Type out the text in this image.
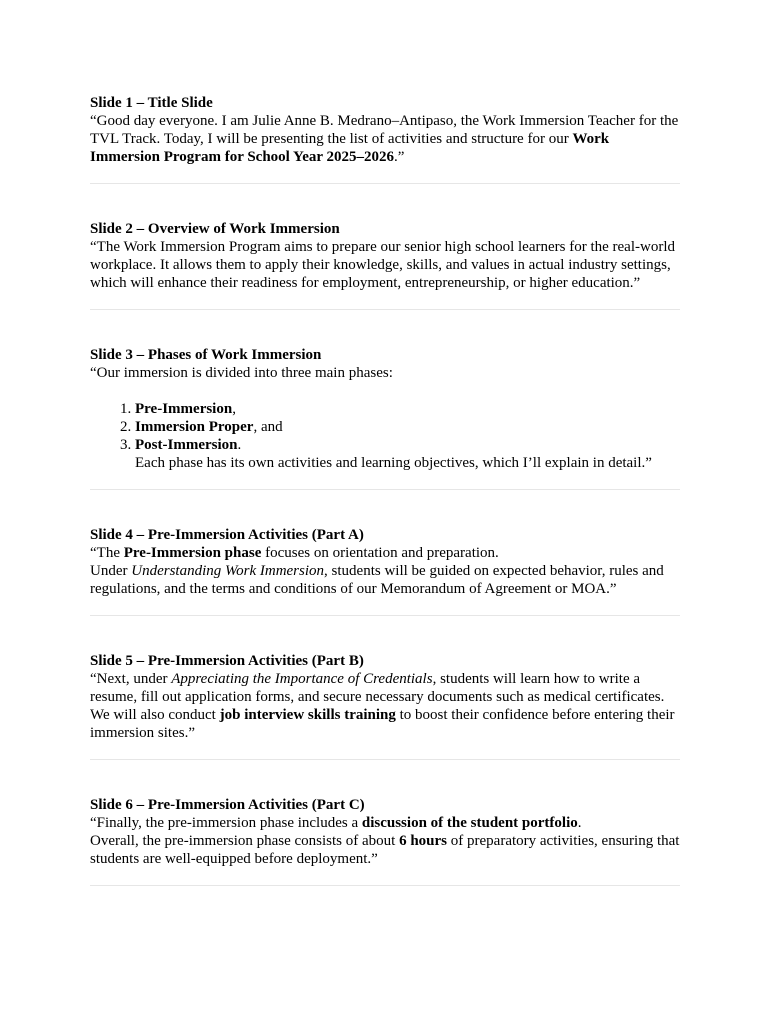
Slide 1 – Title Slide

“Good day everyone. I am Julie Anne B. Medrano–Antipaso, the Work Immersion Teacher for the TVL Track. Today, I will be presenting the list of activities and structure for our Work Immersion Program for School Year 2025–2026.”

Slide 2 – Overview of Work Immersion

“The Work Immersion Program aims to prepare our senior high school learners for the real-world workplace. It allows them to apply their knowledge, skills, and values in actual industry settings, which will enhance their readiness for employment, entrepreneurship, or higher education.”

Slide 3 – Phases of Work Immersion

“Our immersion is divided into three main phases:

1. Pre-Immersion,
2. Immersion Proper, and
3. Post-Immersion.

Each phase has its own activities and learning objectives, which I’ll explain in detail.”

Slide 4 – Pre-Immersion Activities (Part A)

“The Pre-Immersion phase focuses on orientation and preparation.

Under Understanding Work Immersion, students will be guided on expected behavior, rules and regulations, and the terms and conditions of our Memorandum of Agreement or MOA.”

Slide 5 – Pre-Immersion Activities (Part B)

“Next, under Appreciating the Importance of Credentials, students will learn how to write a resume, fill out application forms, and secure necessary documents such as medical certificates. We will also conduct job interview skills training to boost their confidence before entering their immersion sites.”

Slide 6 – Pre-Immersion Activities (Part C)

“Finally, the pre-immersion phase includes a discussion of the student portfolio.

Overall, the pre-immersion phase consists of about 6 hours of preparatory activities, ensuring that students are well-equipped before deployment.”
